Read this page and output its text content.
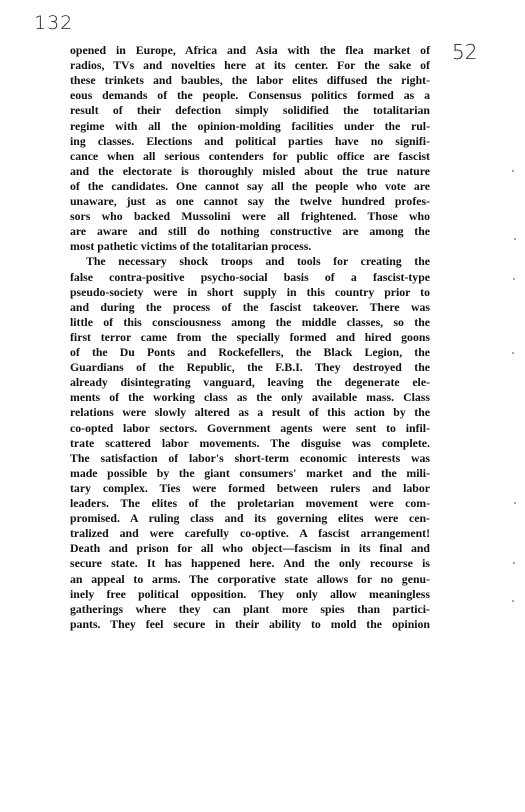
132
52
opened in Europe, Africa and Asia with the flea market of
radios, TVs and novelties here at its center. For the sake of
these trinkets and baubles, the labor elites diffused the right-
eous demands of the people. Consensus politics formed as a
result of their defection simply solidified the totalitarian
regime with all the opinion-molding facilities under the rul-
ing classes. Elections and political parties have no signifi-
cance when all serious contenders for public office are fascist
and the electorate is thoroughly misled about the true nature
of the candidates. One cannot say all the people who vote are
unaware, just as one cannot say the twelve hundred profes-
sors who backed Mussolini were all frightened. Those who
are aware and still do nothing constructive are among the
most pathetic victims of the totalitarian process.
The necessary shock troops and tools for creating the
false contra-positive psycho-social basis of a fascist-type
pseudo-society were in short supply in this country prior to
and during the process of the fascist takeover. There was
little of this consciousness among the middle classes, so the
first terror came from the specially formed and hired goons
of the Du Ponts and Rockefellers, the Black Legion, the
Guardians of the Republic, the F.B.I. They destroyed the
already disintegrating vanguard, leaving the degenerate ele-
ments of the working class as the only available mass. Class
relations were slowly altered as a result of this action by the
co-opted labor sectors. Government agents were sent to infil-
trate scattered labor movements. The disguise was complete.
The satisfaction of labor's short-term economic interests was
made possible by the giant consumers' market and the mili-
tary complex. Ties were formed between rulers and labor
leaders. The elites of the proletarian movement were com-
promised. A ruling class and its governing elites were cen-
tralized and were carefully co-optive. A fascist arrangement!
Death and prison for all who object—fascism in its final and
secure state. It has happened here. And the only recourse is
an appeal to arms. The corporative state allows for no genu-
inely free political opposition. They only allow meaningless
gatherings where they can plant more spies than partici-
pants. They feel secure in their ability to mold the opinion
